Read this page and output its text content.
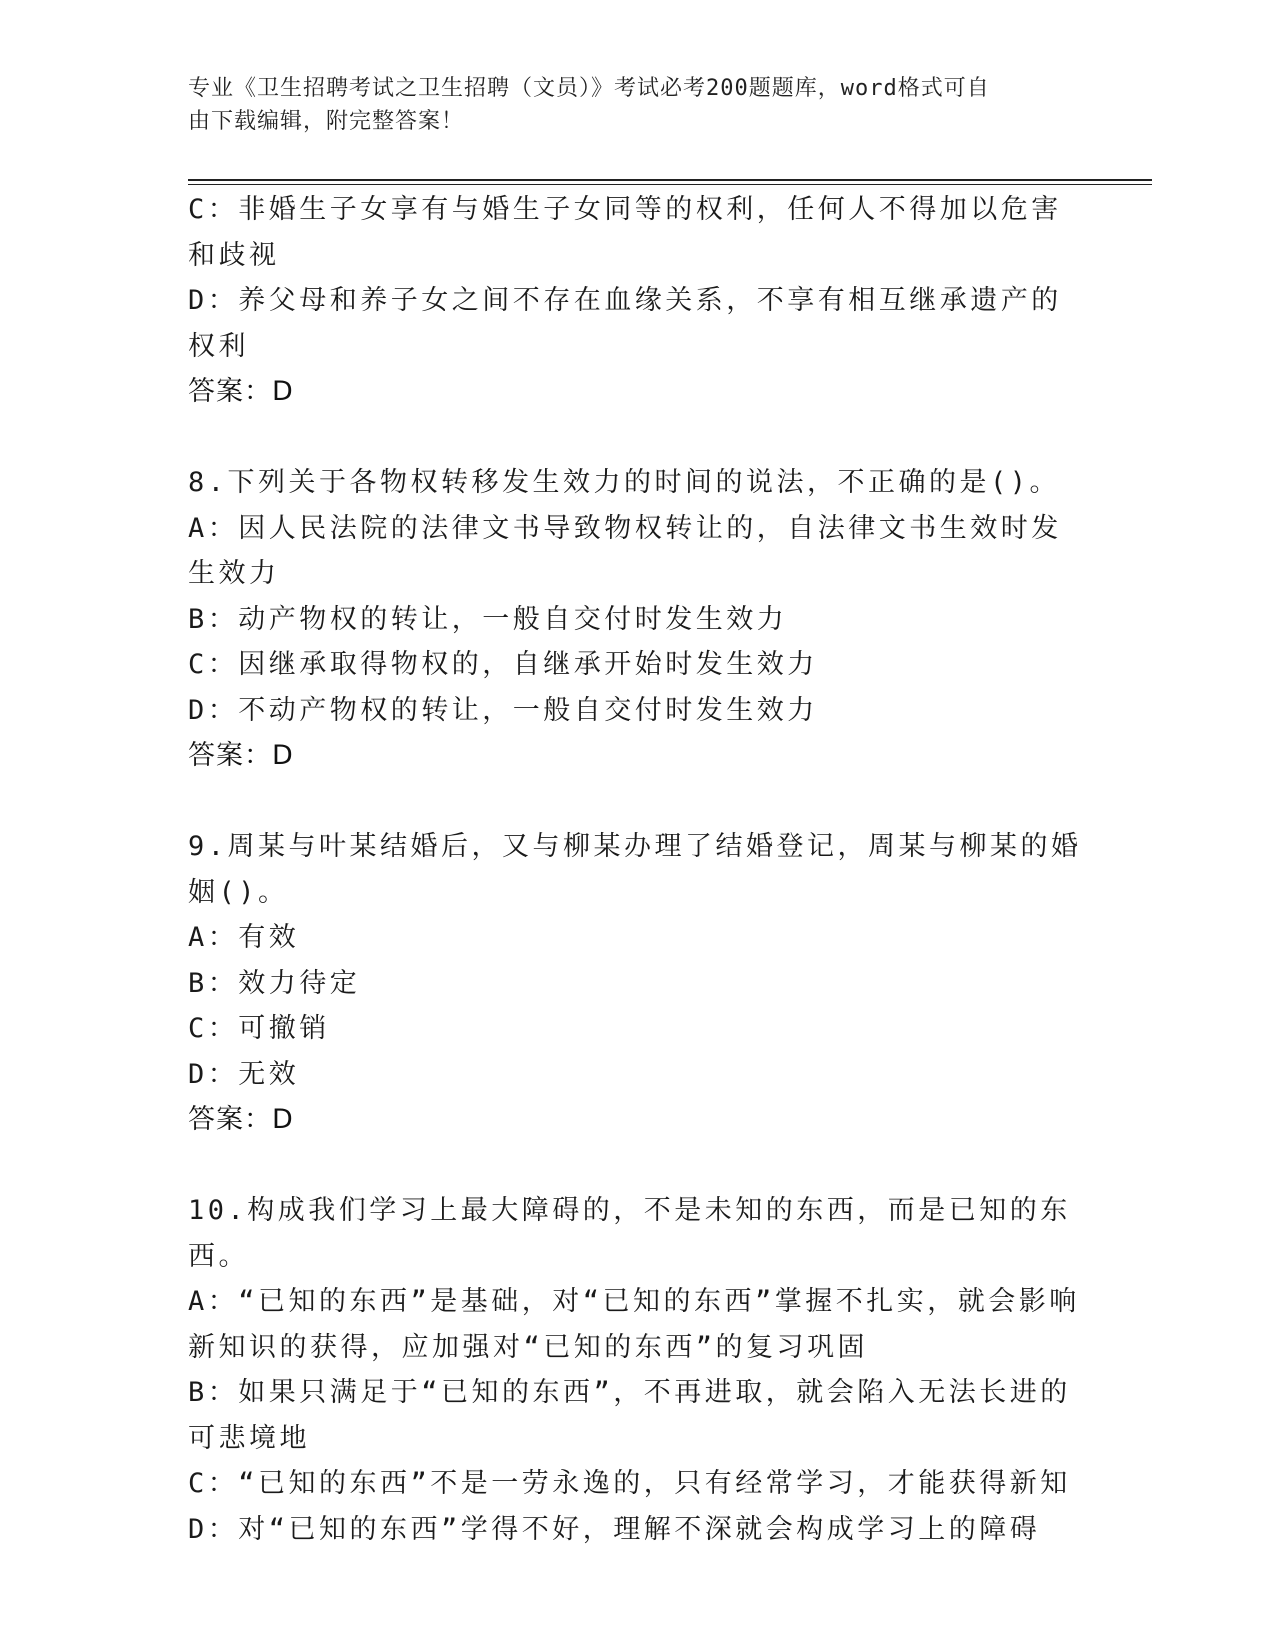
专业《卫生招聘考试之卫生招聘（文员）》考试必考200题题库，word格式可自
由下载编辑，附完整答案！
C：非婚生子女享有与婚生子女同等的权利，任何人不得加以危害和歧视
D：养父母和养子女之间不存在血缘关系，不享有相互继承遗产的权利
答案：D
8.下列关于各物权转移发生效力的时间的说法，不正确的是()。
A：因人民法院的法律文书导致物权转让的，自法律文书生效时发生效力
B：动产物权的转让，一般自交付时发生效力
C：因继承取得物权的，自继承开始时发生效力
D：不动产物权的转让，一般自交付时发生效力
答案：D
9.周某与叶某结婚后，又与柳某办理了结婚登记，周某与柳某的婚姻()。
A：有效
B：效力待定
C：可撤销
D：无效
答案：D
10.构成我们学习上最大障碍的，不是未知的东西，而是已知的东西。
A：“已知的东西”是基础，对“已知的东西”掌握不扎实，就会影响新知识的获得，应加强对“已知的东西”的复习巩固
B：如果只满足于“已知的东西”，不再进取，就会陷入无法长进的可悲境地
C：“已知的东西”不是一劳永逸的，只有经常学习，才能获得新知
D：对“已知的东西”学得不好，理解不深就会构成学习上的障碍
